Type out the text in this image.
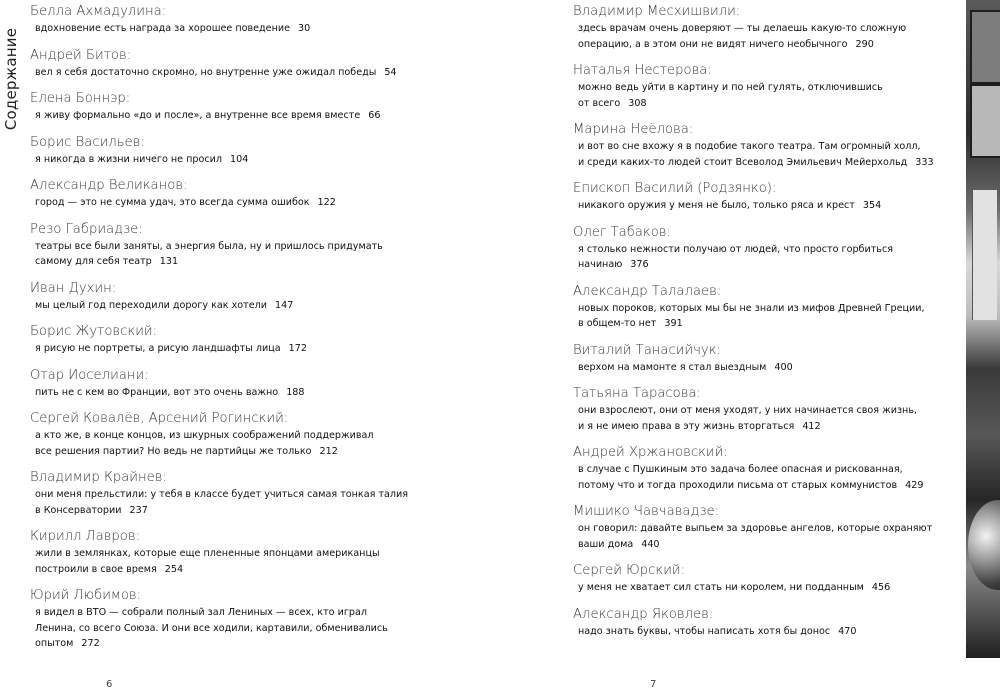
Содержание
Белла Ахмадулина:
вдохновение есть награда за хорошее поведение 30
Андрей Битов:
вел я себя достаточно скромно, но внутренне уже ожидал победы 54
Елена Боннэр:
я живу формально «до и после», а внутренне все время вместе 66
Борис Васильев:
я никогда в жизни ничего не просил 104
Александр Великанов:
город — это не сумма удач, это всегда сумма ошибок 122
Резо Габриадзе:
театры все были заняты, а энергия была, ну и пришлось придумать
самому для себя театр 131
Иван Духин:
мы целый год переходили дорогу как хотели 147
Борис Жутовский:
я рисую не портреты, а рисую ландшафты лица 172
Отар Иоселиани:
пить не с кем во Франции, вот это очень важно 188
Сергей Ковалёв, Арсений Рогинский:
а кто же, в конце концов, из шкурных соображений поддерживал
все решения партии? Но ведь не партийцы же только 212
Владимир Крайнев:
они меня прельстили: у тебя в классе будет учиться самая тонкая талия
в Консерватории 237
Кирилл Лавров:
жили в землянках, которые еще плененные японцами американцы
построили в свое время 254
Юрий Любимов:
я видел в ВТО — собрали полный зал Лениных — всех, кто играл
Ленина, со всего Союза. И они все ходили, картавили, обменивались
опытом 272
Владимир Месхишвили:
здесь врачам очень доверяют — ты делаешь какую-то сложную
операцию, а в этом они не видят ничего необычного 290
Наталья Нестерова:
можно ведь уйти в картину и по ней гулять, отключившись
от всего 308
Марина Неёлова:
и вот во сне вхожу я в подобие такого театра. Там огромный холл,
и среди каких-то людей стоит Всеволод Эмильевич Мейерхольд 333
Епископ Василий (Родзянко):
никакого оружия у меня не было, только ряса и крест 354
Олег Табаков:
я столько нежности получаю от людей, что просто горбиться
начинаю 376
Александр Талалаев:
новых пороков, которых мы бы не знали из мифов Древней Греции,
в общем-то нет 391
Виталий Танасийчук:
верхом на мамонте я стал выездным 400
Татьяна Тарасова:
они взрослеют, они от меня уходят, у них начинается своя жизнь,
и я не имею права в эту жизнь вторгаться 412
Андрей Хржановский:
в случае с Пушкиным это задача более опасная и рискованная,
потому что и тогда проходили письма от старых коммунистов 429
Мишико Чавчавадзе:
он говорил: давайте выпьем за здоровье ангелов, которые охраняют
ваши дома 440
Сергей Юрский:
у меня не хватает сил стать ни королем, ни подданным 456
Александр Яковлев:
надо знать буквы, чтобы написать хотя бы донос 470
6	7
